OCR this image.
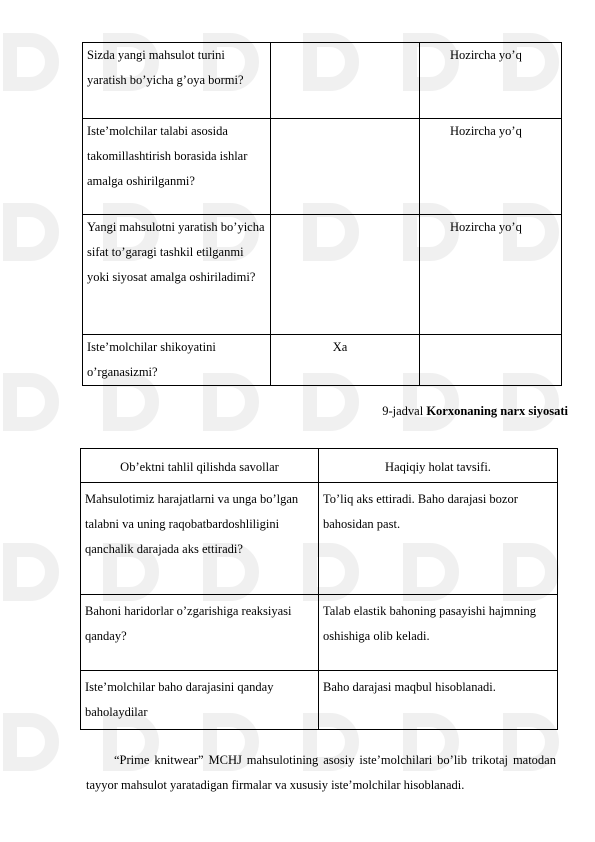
Sizda yangi mahsulot turini yaratish bo’yicha g’oya bormi?		Hozircha yo’q

Iste’molchilar talabi asosida takomillashtirish borasida ishlar amalga oshirilganmi?		Hozircha yo’q

Yangi mahsulotni yaratish bo’yicha sifat to’garagi tashkil etilganmi yoki siyosat amalga oshiriladimi?		Hozircha yo’q

Iste’molchilar shikoyatini o’rganasizmi?	Xa	

9-jadval Korxonaning narx siyosati
Ob’ektni tahlil qilishda savollar	Haqiqiy holat tavsifi.

Mahsulotimiz harajatlarni va unga bo’lgan talabni va uning raqobatbardoshliligini qanchalik darajada aks ettiradi?	To’liq aks ettiradi. Baho darajasi bozor bahosidan past.

Bahoni haridorlar o’zgarishiga reaksiyasi qanday?	Talab elastik bahoning pasayishi hajmning oshishiga olib keladi.

Iste’molchilar baho darajasini qanday baholaydilar	Baho darajasi maqbul hisoblanadi.
“Prime knitwear” MCHJ mahsulotining asosiy iste’molchilari bo’lib trikotaj matodan tayyor mahsulot yaratadigan firmalar va xususiy iste’molchilar hisoblanadi.
